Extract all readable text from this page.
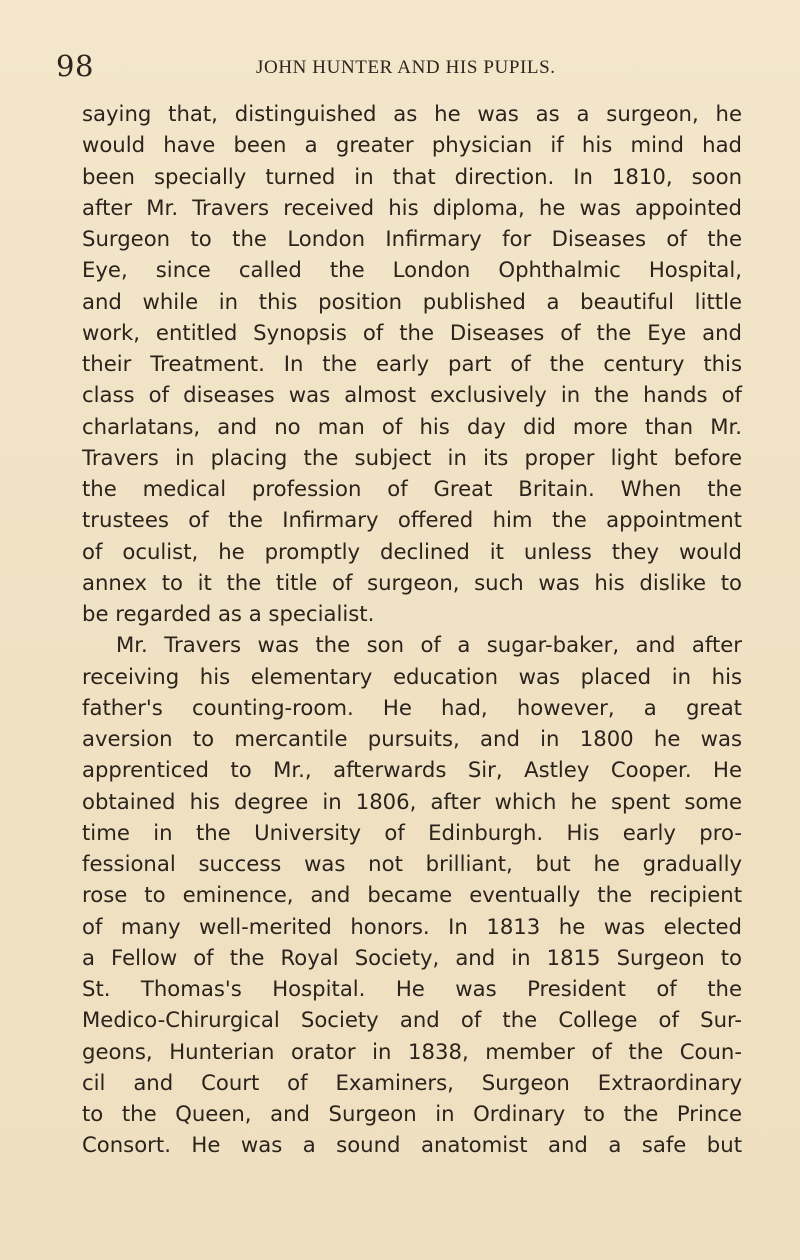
98	JOHN HUNTER AND HIS PUPILS.
saying that, distinguished as he was as a surgeon, he
would have been a greater physician if his mind had
been specially turned in that direction. In 1810, soon
after Mr. Travers received his diploma, he was appointed
Surgeon to the London Infirmary for Diseases of the
Eye, since called the London Ophthalmic Hospital,
and while in this position published a beautiful little
work, entitled Synopsis of the Diseases of the Eye and
their Treatment. In the early part of the century this
class of diseases was almost exclusively in the hands of
charlatans, and no man of his day did more than Mr.
Travers in placing the subject in its proper light before
the medical profession of Great Britain. When the
trustees of the Infirmary offered him the appointment
of oculist, he promptly declined it unless they would
annex to it the title of surgeon, such was his dislike to
be regarded as a specialist.
Mr. Travers was the son of a sugar-baker, and after
receiving his elementary education was placed in his
father's counting-room. He had, however, a great
aversion to mercantile pursuits, and in 1800 he was
apprenticed to Mr., afterwards Sir, Astley Cooper. He
obtained his degree in 1806, after which he spent some
time in the University of Edinburgh. His early pro-
fessional success was not brilliant, but he gradually
rose to eminence, and became eventually the recipient
of many well-merited honors. In 1813 he was elected
a Fellow of the Royal Society, and in 1815 Surgeon to
St. Thomas's Hospital. He was President of the
Medico-Chirurgical Society and of the College of Sur-
geons, Hunterian orator in 1838, member of the Coun-
cil and Court of Examiners, Surgeon Extraordinary
to the Queen, and Surgeon in Ordinary to the Prince
Consort. He was a sound anatomist and a safe but
